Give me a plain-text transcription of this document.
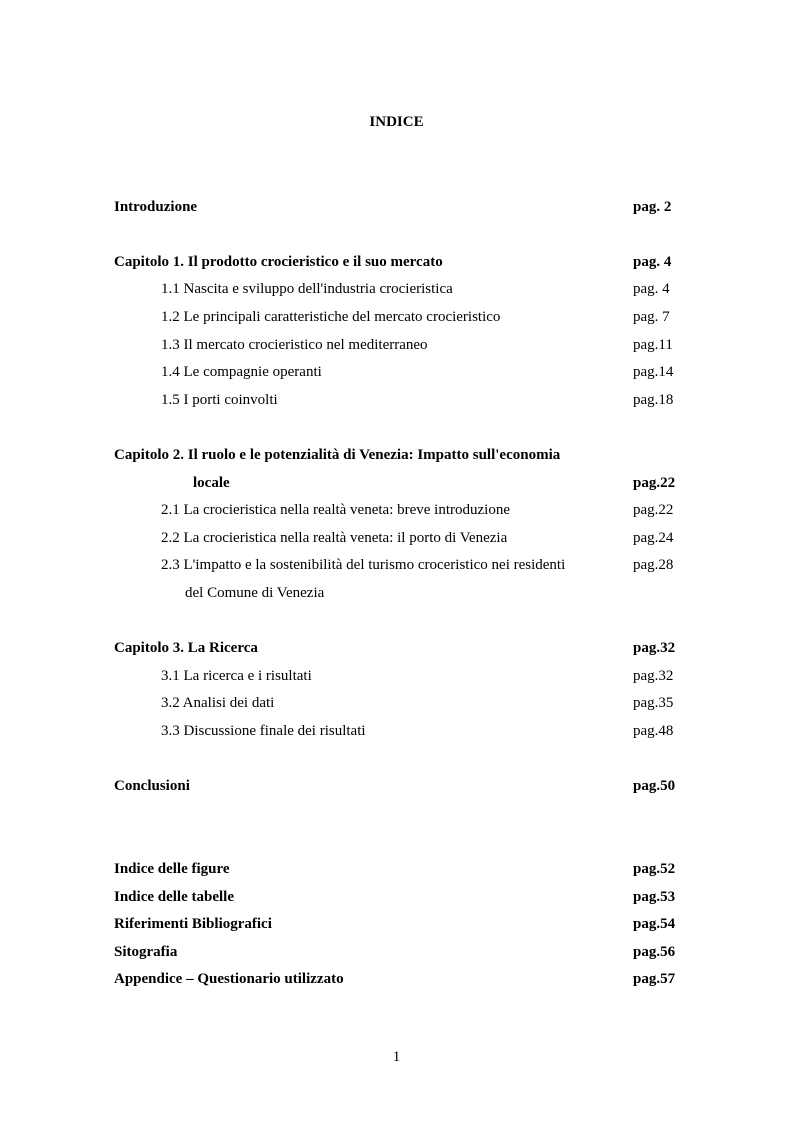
INDICE
Introduzione	pag. 2
Capitolo 1. Il prodotto crocieristico e il suo mercato	pag. 4
1.1 Nascita e sviluppo dell'industria crocieristica	pag. 4
1.2 Le principali caratteristiche del mercato crocieristico	pag. 7
1.3 Il mercato crocieristico nel mediterraneo	pag.11
1.4 Le compagnie operanti	pag.14
1.5 I porti coinvolti	pag.18
Capitolo 2. Il ruolo e le potenzialità di Venezia: Impatto sull'economia
locale	pag.22
2.1 La crocieristica nella realtà veneta: breve introduzione	pag.22
2.2 La crocieristica nella realtà veneta: il porto di Venezia	pag.24
2.3 L'impatto e la sostenibilità del turismo croceristico nei residenti	pag.28
del Comune di Venezia
Capitolo 3. La Ricerca	pag.32
3.1 La ricerca e i risultati	pag.32
3.2 Analisi dei dati	pag.35
3.3 Discussione finale dei risultati	pag.48
Conclusioni	pag.50
Indice delle figure	pag.52
Indice delle tabelle	pag.53
Riferimenti Bibliografici	pag.54
Sitografia	pag.56
Appendice – Questionario utilizzato	pag.57
1
